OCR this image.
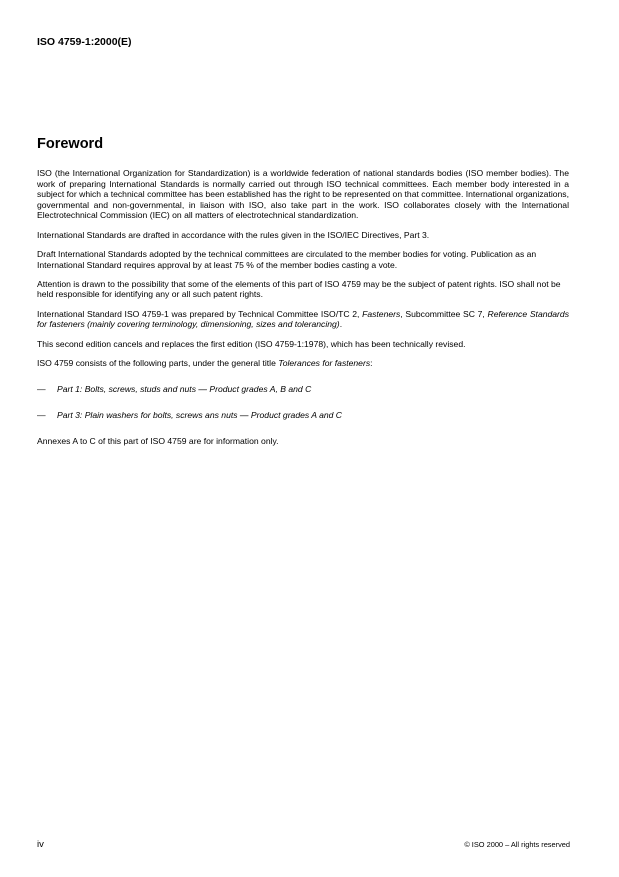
ISO 4759-1:2000(E)
Foreword

ISO (the International Organization for Standardization) is a worldwide federation of national standards bodies (ISO member bodies). The work of preparing International Standards is normally carried out through ISO technical committees. Each member body interested in a subject for which a technical committee has been established has the right to be represented on that committee. International organizations, governmental and non-governmental, in liaison with ISO, also take part in the work. ISO collaborates closely with the International Electrotechnical Commission (IEC) on all matters of electrotechnical standardization.

International Standards are drafted in accordance with the rules given in the ISO/IEC Directives, Part 3.

Draft International Standards adopted by the technical committees are circulated to the member bodies for voting. Publication as an International Standard requires approval by at least 75 % of the member bodies casting a vote.

Attention is drawn to the possibility that some of the elements of this part of ISO 4759 may be the subject of patent rights. ISO shall not be held responsible for identifying any or all such patent rights.

International Standard ISO 4759-1 was prepared by Technical Committee ISO/TC 2, Fasteners, Subcommittee SC 7, Reference Standards for fasteners (mainly covering terminology, dimensioning, sizes and tolerancing).

This second edition cancels and replaces the first edition (ISO 4759-1:1978), which has been technically revised.

ISO 4759 consists of the following parts, under the general title Tolerances for fasteners:

— Part 1: Bolts, screws, studs and nuts — Product grades A, B and C

— Part 3: Plain washers for bolts, screws ans nuts — Product grades A and C

Annexes A to C of this part of ISO 4759 are for information only.

iv	© ISO 2000 – All rights reserved
